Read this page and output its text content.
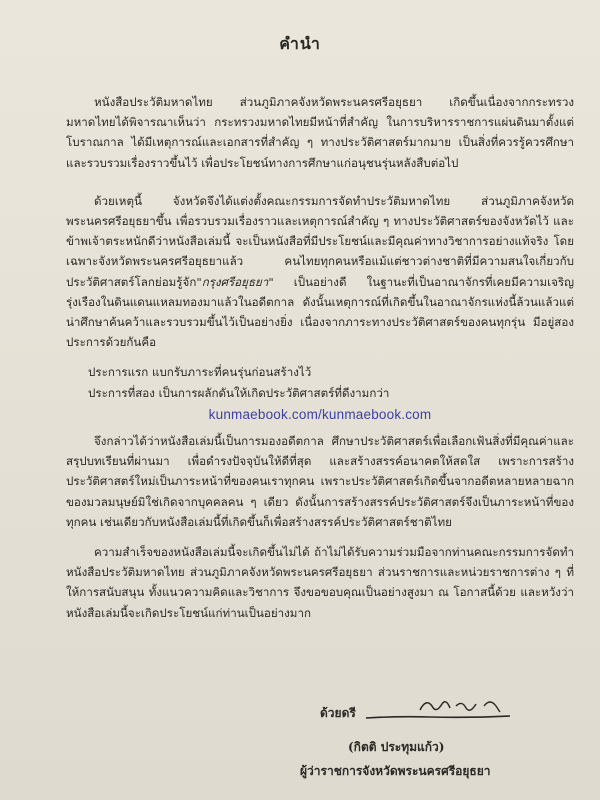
คำนำ

หนังสือประวัติมหาดไทย ส่วนภูมิภาคจังหวัดพระนครศรีอยุธยา เกิดขึ้นเนื่องจากกระทรวงมหาดไทยได้พิจารณาเห็นว่า กระทรวงมหาดไทยมีหน้าที่สำคัญ ในการบริหารราชการแผ่นดินมาตั้งแต่โบราณกาล ได้มีเหตุการณ์และเอกสารที่สำคัญ ๆ ทางประวัติศาสตร์มากมาย เป็นสิ่งที่ควรรู้ควรศึกษาและรวบรวมเรื่องราวขึ้นไว้ เพื่อประโยชน์ทางการศึกษาแก่อนุชนรุ่นหลังสืบต่อไป

ด้วยเหตุนี้ จังหวัดจึงได้แต่งตั้งคณะกรรมการจัดทำประวัติมหาดไทย ส่วนภูมิภาคจังหวัดพระนครศรีอยุธยาขึ้น เพื่อรวบรวมเรื่องราวและเหตุการณ์สำคัญ ๆ ทางประวัติศาสตร์ของจังหวัดไว้ และข้าพเจ้าตระหนักดีว่าหนังสือเล่มนี้ จะเป็นหนังสือที่มีประโยชน์และมีคุณค่าทางวิชาการอย่างแท้จริง โดยเฉพาะจังหวัดพระนครศรีอยุธยาแล้ว คนไทยทุกคนหรือแม้แต่ชาวต่างชาติที่มีความสนใจเกี่ยวกับประวัติศาสตร์โลกย่อมรู้จัก"กรุงศรีอยุธยา" เป็นอย่างดี ในฐานะที่เป็นอาณาจักรที่เคยมีความเจริญรุ่งเรืองในดินแดนแหลมทองมาแล้วในอดีตกาล ดังนั้นเหตุการณ์ที่เกิดขึ้นในอาณาจักรแห่งนี้ล้วนแล้วแต่น่าศึกษาค้นคว้าและรวบรวมขึ้นไว้เป็นอย่างยิ่ง เนื่องจากภาระทางประวัติศาสตร์ของคนทุกรุ่น มีอยู่สองประการด้วยกันคือ

ประการแรก แบกรับภาระที่คนรุ่นก่อนสร้างไว้

ประการที่สอง เป็นการผลักดันให้เกิดประวัติศาสตร์ที่ดีงามกว่า

kunmaebook.com/kunmaebook.com

จึงกล่าวได้ว่าหนังสือเล่มนี้เป็นการมองอดีตกาล ศึกษาประวัติศาสตร์เพื่อเลือกเฟ้นสิ่งที่มีคุณค่าและสรุปบทเรียนที่ผ่านมา เพื่อดำรงปัจจุบันให้ดีที่สุด และสร้างสรรค์อนาคตให้สดใส เพราะการสร้างประวัติศาสตร์ใหม่เป็นภาระหน้าที่ของคนเราทุกคน เพราะประวัติศาสตร์เกิดขึ้นจากอดีตหลายหลายฉากของมวลมนุษย์มิใช่เกิดจากบุคคลคน ๆ เดียว ดังนั้นการสร้างสรรค์ประวัติศาสตร์จึงเป็นภาระหน้าที่ของทุกคน เช่นเดียวกับหนังสือเล่มนี้ที่เกิดขึ้นก็เพื่อสร้างสรรค์ประวัติศาสตร์ชาติไทย

ความสำเร็จของหนังสือเล่มนี้จะเกิดขึ้นไม่ได้ ถ้าไม่ได้รับความร่วมมือจากท่านคณะกรรมการจัดทำหนังสือประวัติมหาดไทย ส่วนภูมิภาคจังหวัดพระนครศรีอยุธยา ส่วนราชการและหน่วยราชการต่าง ๆ ที่ให้การสนับสนุน ทั้งแนวความคิดและวิชาการ จึงขอขอบคุณเป็นอย่างสูงมา ณ โอกาสนี้ด้วย และหวังว่าหนังสือเล่มนี้จะเกิดประโยชน์แก่ท่านเป็นอย่างมาก

ด้วยดรี
(กิตติ ประทุมแก้ว)
ผู้ว่าราชการจังหวัดพระนครศรีอยุธยา
